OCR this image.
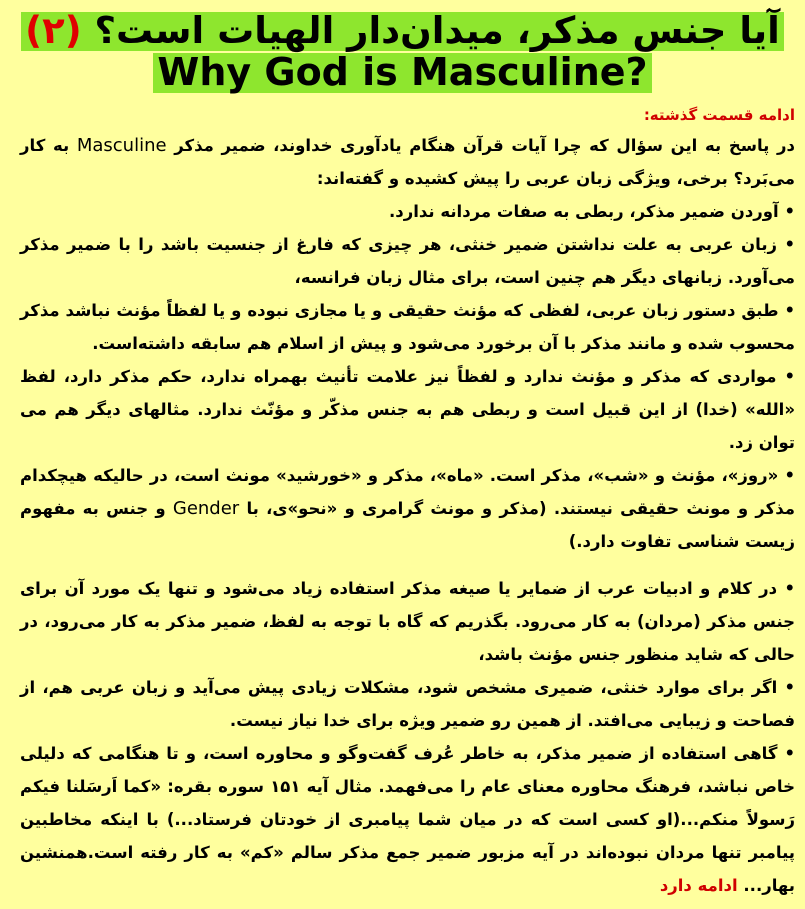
آیا جنس مذکر، میدان‌دار الهیات است؟ (۲)
Why God is Masculine?

ادامه قسمت گذشته:

در پاسخ به این سؤال که چرا آیات قرآن هنگام یادآوری خداوند، ضمیر مذکر Masculine به کار می‌بَرد؟ برخی، ویژگی زبان عربی را پیش کشیده و گفته‌اند:

• آوردن ضمیر مذکر، ربطی به صفات مردانه ندارد.

• زبان عربی به علت نداشتن ضمیر خنثی، هر چیزی که فارغ از جنسیت باشد را با ضمیر مذکر می‌آورد. زبانهای دیگر هم چنین است، برای مثال زبان فرانسه،

• طبق دستور زبان عربی، لفظی که مؤنث حقیقی و یا مجازی نبوده و یا لفظاً مؤنث نباشد مذکر محسوب شده و مانند مذکر با آن برخورد می‌شود و پیش از اسلام هم سابقه داشته‌است.

• مواردی که مذکر و مؤنث ندارد و لفظاً نیز علامت تأنیث بهمراه ندارد، حکم مذکر دارد، لفظ «الله» (خدا) از این قبیل است و ربطی هم به جنس مذکّر و مؤنّث ندارد. مثالهای دیگر هم می توان زد.

• «روز»، مؤنث و «شب»، مذکر است. «ماه»، مذکر و «خورشید» مونث است، در حالیکه هیچکدام مذکر و مونث حقیقی نیستند. (مذکر و مونث گرامری و «نحو»ی، با Gender و جنس به مفهوم زیست شناسی تفاوت دارد.)

• در کلام و ادبیات عرب از ضمایر یا صیغه مذکر استفاده زیاد می‌شود و تنها یک مورد آن برای جنس مذکر (مردان) به کار می‌رود. بگذریم که گاه با توجه به لفظ، ضمیر مذکر به کار می‌رود، در حالی که شاید منظور جنس مؤنث باشد،

• اگر برای موارد خنثی، ضمیری مشخص شود، مشکلات زیادی پیش می‌آید و زبان عربی هم، از فصاحت و زیبایی می‌افتد. از همین رو ضمیر ویژه برای خدا نیاز نیست.

• گاهی استفاده از ضمیر مذکر، به خاطر عُرف گفت‌وگو و محاوره است، و تا هنگامی که دلیلی خاص نباشد، فرهنگ محاوره معنای عام را می‌فهمد. مثال آیه ۱۵۱ سوره بقره: «کما اَرسَلنا فیکم رَسولاً منکم...(او کسی است که در میان شما پیامبری از خودتان فرستاد...) با اینکه مخاطبین پیامبر تنها مردان نبوده‌اند در آیه مزبور ضمیر جمع مذکر سالم «کم» به کار رفته است.همنشین بهار... ادامه دارد
